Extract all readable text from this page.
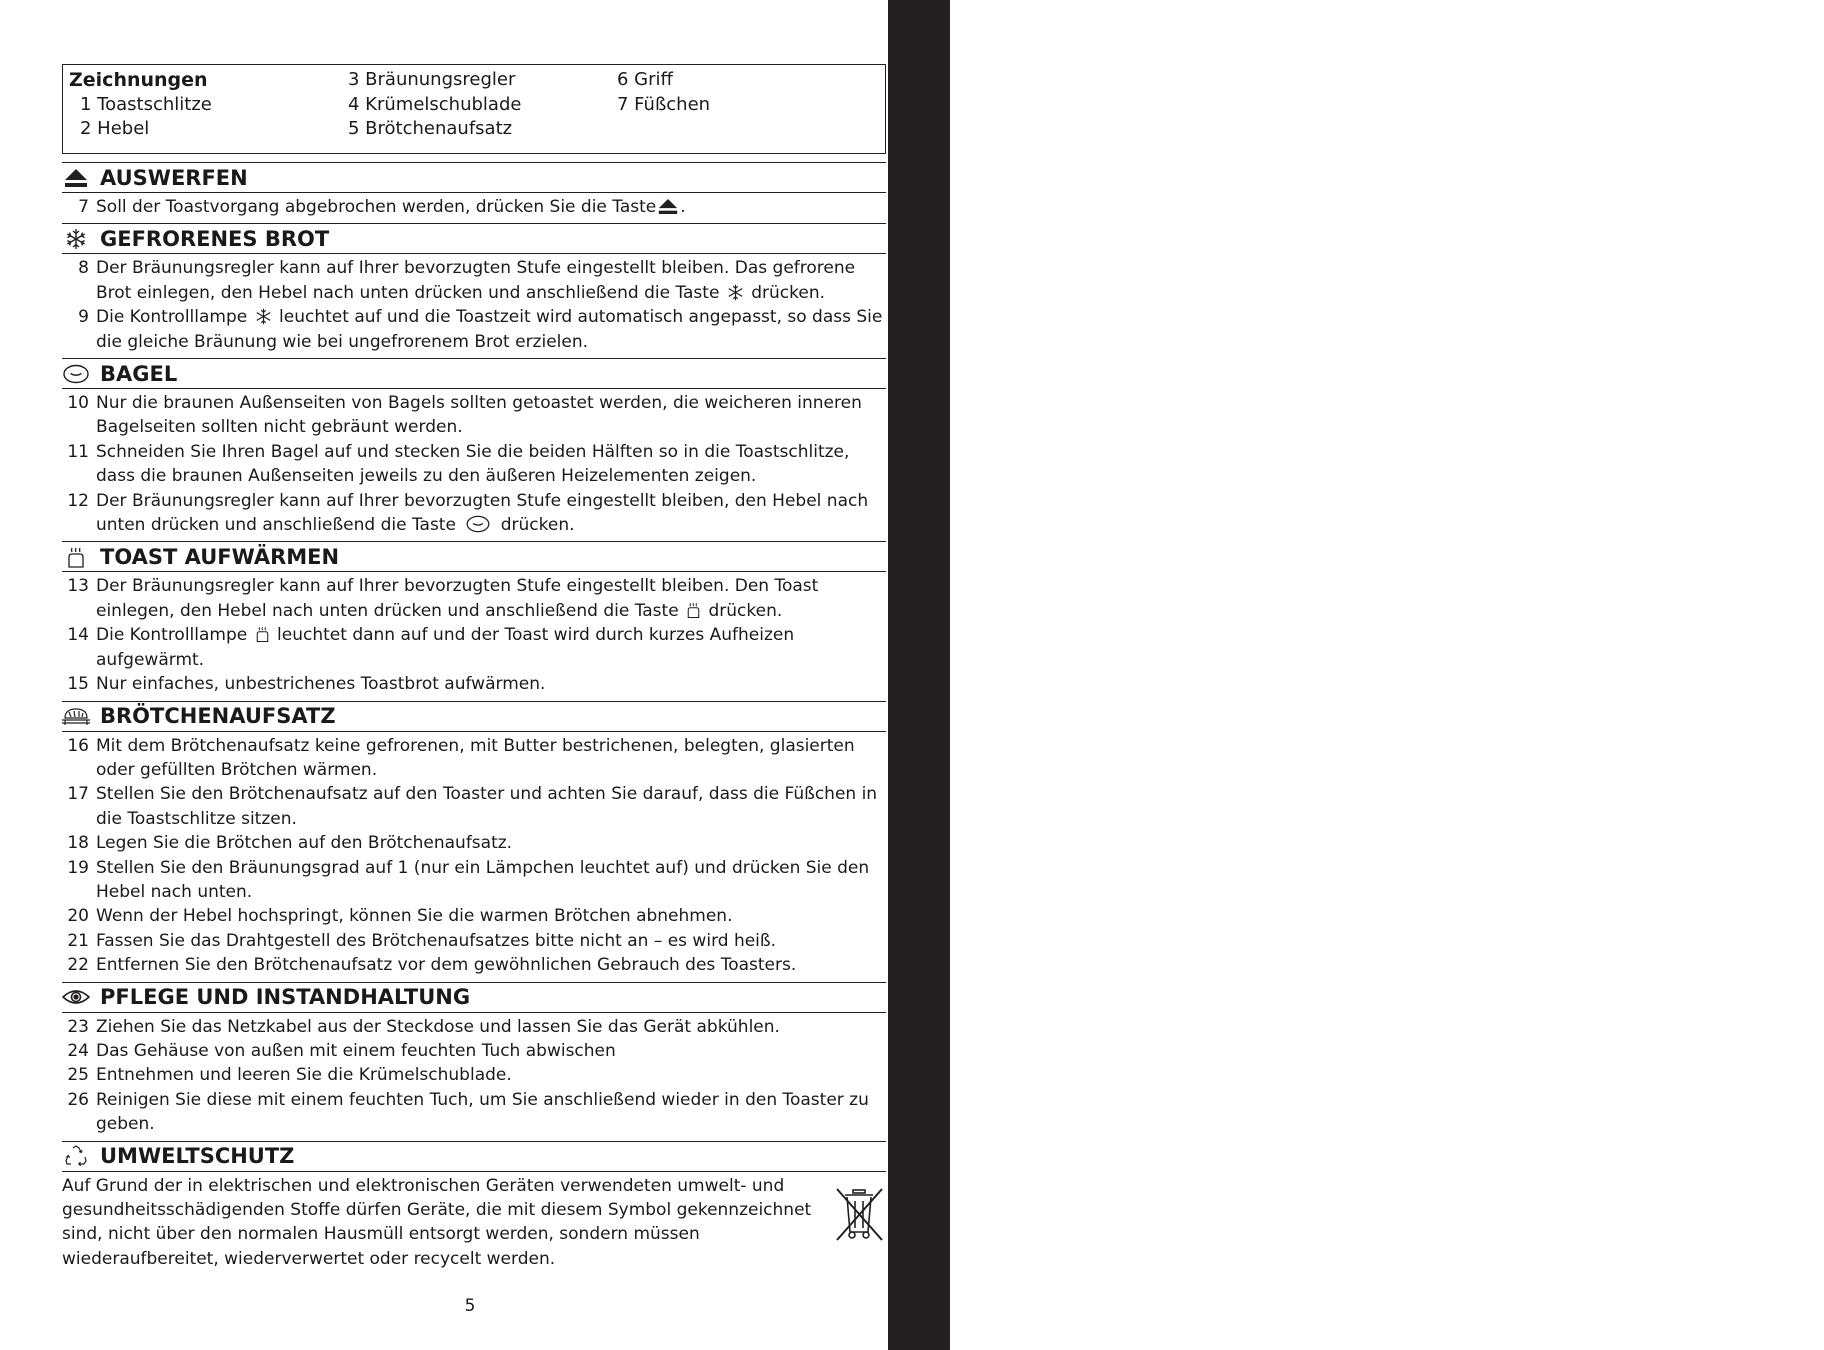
Bedienungsanleitung
Zeichnungen
1 Toastschlitze
2 Hebel
3 Bräunungsregler
4 Krümelschublade
5 Brötchenaufsatz
6 Griff
7 Füßchen
AUSWERFEN
7 Soll der Toastvorgang abgebrochen werden, drücken Sie die Taste .
GEFRORENES BROT
8 Der Bräunungsregler kann auf Ihrer bevorzugten Stufe eingestellt bleiben. Das gefrorene Brot einlegen, den Hebel nach unten drücken und anschließend die Taste drücken.
9 Die Kontrolllampe leuchtet auf und die Toastzeit wird automatisch angepasst, so dass Sie die gleiche Bräunung wie bei ungefrorenem Brot erzielen.
BAGEL
10 Nur die braunen Außenseiten von Bagels sollten getoastet werden, die weicheren inneren Bagelseiten sollten nicht gebräunt werden.
11 Schneiden Sie Ihren Bagel auf und stecken Sie die beiden Hälften so in die Toastschlitze, dass die braunen Außenseiten jeweils zu den äußeren Heizelementen zeigen.
12 Der Bräunungsregler kann auf Ihrer bevorzugten Stufe eingestellt bleiben, den Hebel nach unten drücken und anschließend die Taste	drücken.
TOAST AUFWÄRMEN
13 Der Bräunungsregler kann auf Ihrer bevorzugten Stufe eingestellt bleiben. Den Toast einlegen, den Hebel nach unten drücken und anschließend die Taste drücken.
14 Die Kontrolllampe leuchtet dann auf und der Toast wird durch kurzes Aufheizen aufgewärmt.
15 Nur einfaches, unbestrichenes Toastbrot aufwärmen.
BRÖTCHENAUFSATZ
16 Mit dem Brötchenaufsatz keine gefrorenen, mit Butter bestrichenen, belegten, glasierten oder gefüllten Brötchen wärmen.
17 Stellen Sie den Brötchenaufsatz auf den Toaster und achten Sie darauf, dass die Füßchen in die Toastschlitze sitzen.
18 Legen Sie die Brötchen auf den Brötchenaufsatz.
19 Stellen Sie den Bräunungsgrad auf 1 (nur ein Lämpchen leuchtet auf) und drücken Sie den Hebel nach unten.
20 Wenn der Hebel hochspringt, können Sie die warmen Brötchen abnehmen.
21 Fassen Sie das Drahtgestell des Brötchenaufsatzes bitte nicht an – es wird heiß.
22 Entfernen Sie den Brötchenaufsatz vor dem gewöhnlichen Gebrauch des Toasters.
PFLEGE UND INSTANDHALTUNG
23 Ziehen Sie das Netzkabel aus der Steckdose und lassen Sie das Gerät abkühlen.
24 Das Gehäuse von außen mit einem feuchten Tuch abwischen
25 Entnehmen und leeren Sie die Krümelschublade.
26 Reinigen Sie diese mit einem feuchten Tuch, um Sie anschließend wieder in den Toaster zu geben.
UMWELTSCHUTZ
Auf Grund der in elektrischen und elektronischen Geräten verwendeten umwelt- und gesundheitsschädigenden Stoffe dürfen Geräte, die mit diesem Symbol gekennzeichnet sind, nicht über den normalen Hausmüll entsorgt werden, sondern müssen wiederaufbereitet, wiederverwertet oder recycelt werden.
5
